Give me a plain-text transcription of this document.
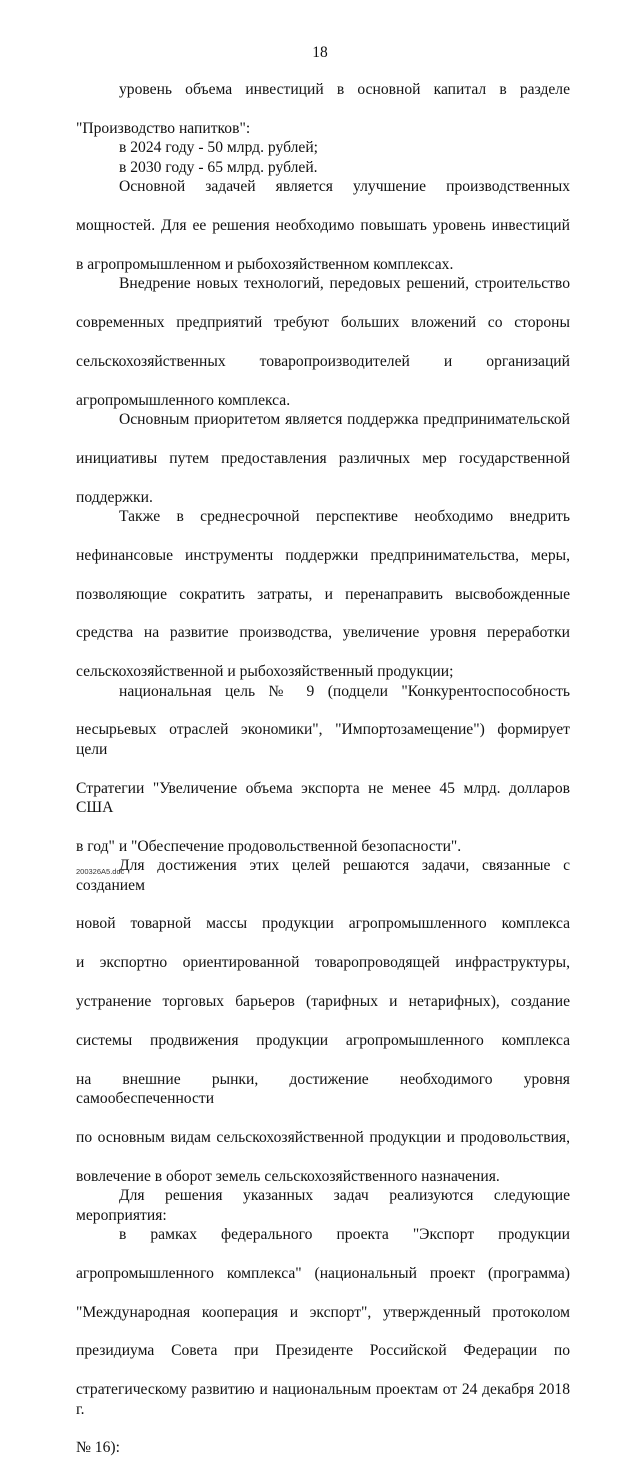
18

уровень объема инвестиций в основной капитал в разделе

"Производство напитков":

в 2024 году - 50 млрд. рублей;

в 2030 году - 65 млрд. рублей.

Основной задачей является улучшение производственных

мощностей. Для ее решения необходимо повышать уровень инвестиций

в агропромышленном и рыбохозяйственном комплексах.

Внедрение новых технологий, передовых решений, строительство

современных предприятий требуют больших вложений со стороны

сельскохозяйственных товаропроизводителей и организаций

агропромышленного комплекса.

Основным приоритетом является поддержка предпринимательской

инициативы путем предоставления различных мер государственной

поддержки.

Также в среднесрочной перспективе необходимо внедрить

нефинансовые инструменты поддержки предпринимательства, меры,

позволяющие сократить затраты, и перенаправить высвобожденные

средства на развитие производства, увеличение уровня переработки

сельскохозяйственной и рыбохозяйственный продукции;

национальная цель № 9 (подцели "Конкурентоспособность

несырьевых отраслей экономики", "Импортозамещение") формирует цели

Стратегии "Увеличение объема экспорта не менее 45 млрд. долларов США

в год" и "Обеспечение продовольственной безопасности".

Для достижения этих целей решаются задачи, связанные с созданием

новой товарной массы продукции агропромышленного комплекса

и экспортно ориентированной товаропроводящей инфраструктуры,

устранение торговых барьеров (тарифных и нетарифных), создание

системы продвижения продукции агропромышленного комплекса

на внешние рынки, достижение необходимого уровня самообеспеченности

по основным видам сельскохозяйственной продукции и продовольствия,

вовлечение в оборот земель сельскохозяйственного назначения.

Для решения указанных задач реализуются следующие мероприятия:

в рамках федерального проекта "Экспорт продукции

агропромышленного комплекса" (национальный проект (программа)

"Международная кооперация и экспорт", утвержденный протоколом

президиума Совета при Президенте Российской Федерации по

стратегическому развитию и национальным проектам от 24 декабря 2018 г.

№ 16):

200326A5.doc
